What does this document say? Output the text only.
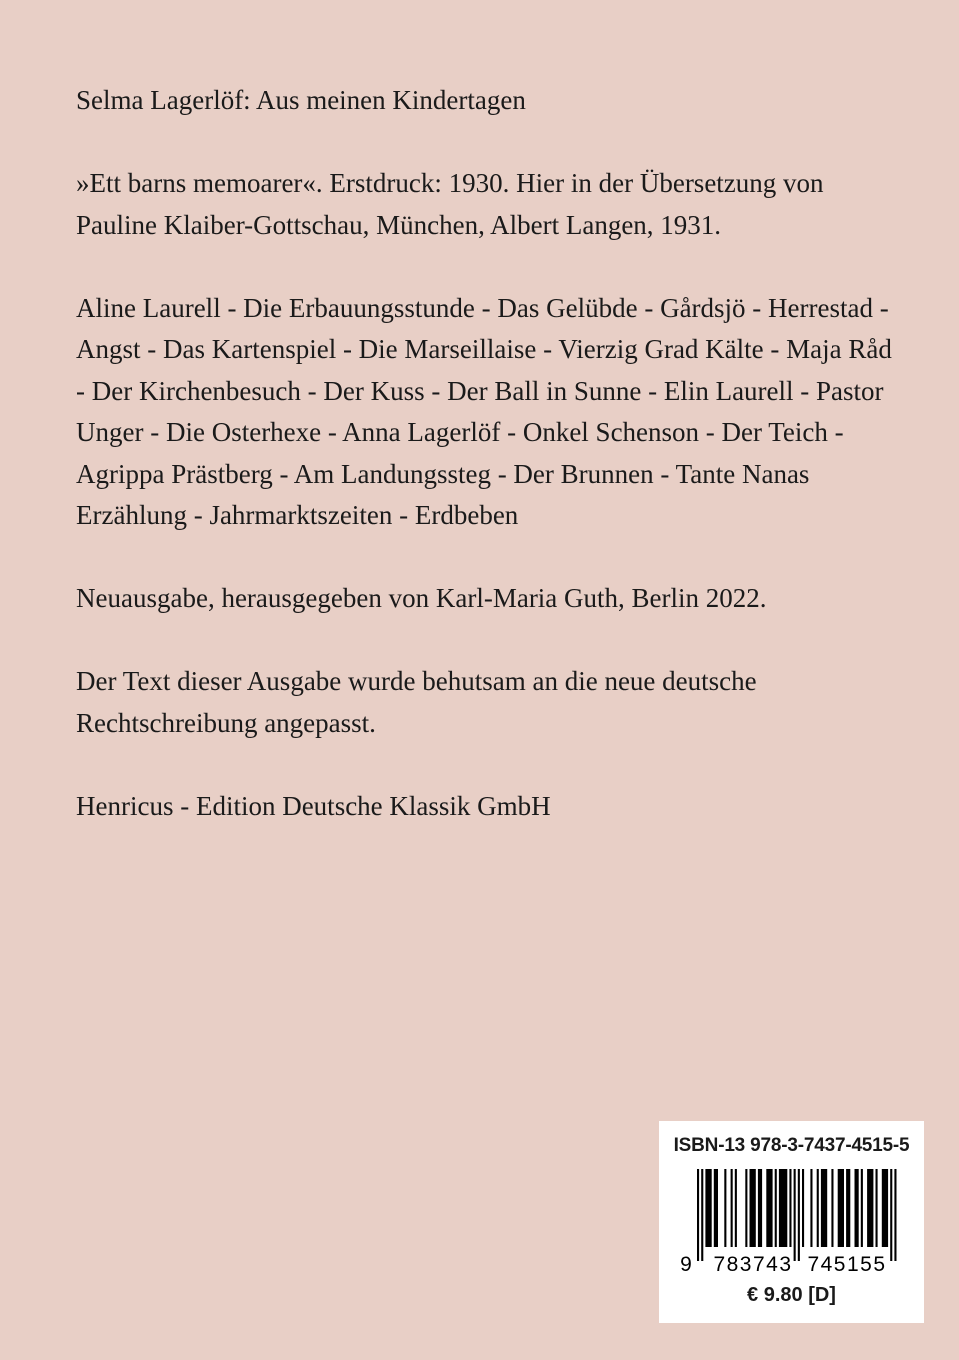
Selma Lagerlöf: Aus meinen Kindertagen

»Ett barns memoarer«. Erstdruck: 1930. Hier in der Übersetzung von Pauline Klaiber-Gottschau, München, Albert Langen, 1931.

Aline Laurell - Die Erbauungsstunde - Das Gelübde - Gårdsjö - Herrestad - Angst - Das Kartenspiel - Die Marseillaise - Vierzig Grad Kälte - Maja Råd - Der Kirchenbesuch - Der Kuss - Der Ball in Sunne - Elin Laurell - Pastor Unger - Die Osterhexe - Anna Lagerlöf - Onkel Schenson - Der Teich - Agrippa Prästberg - Am Landungssteg - Der Brunnen - Tante Nanas Erzählung - Jahrmarktszeiten - Erdbeben

Neuausgabe, herausgegeben von Karl-Maria Guth, Berlin 2022.

Der Text dieser Ausgabe wurde behutsam an die neue deutsche Rechtschreibung angepasst.

Henricus - Edition Deutsche Klassik GmbH

ISBN-13 978-3-7437-4515-5
9 783743 745155
€ 9.80 [D]
